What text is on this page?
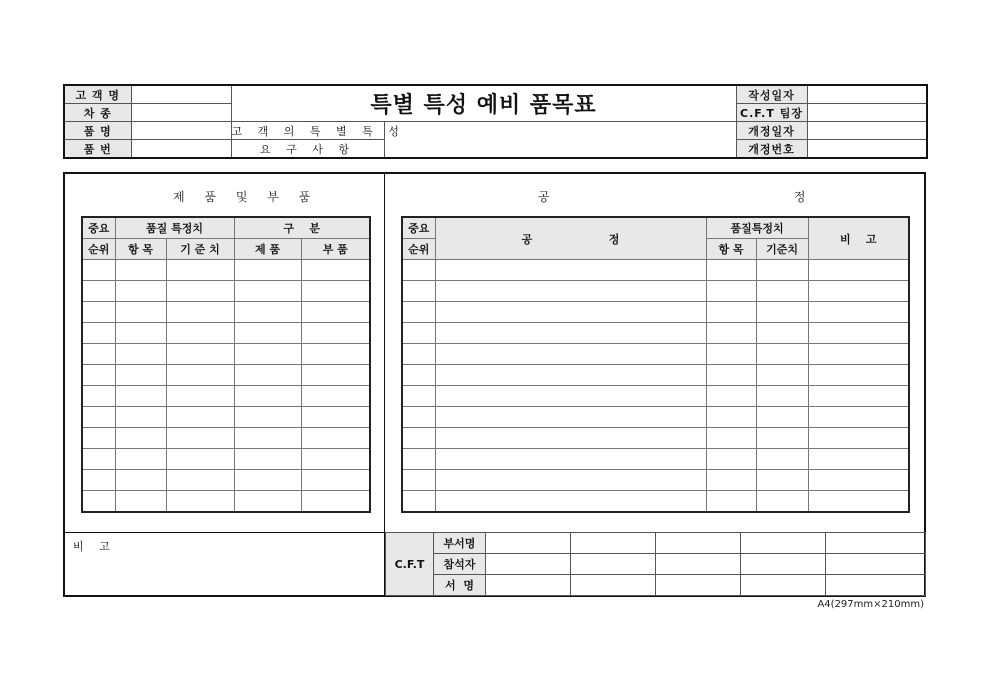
고 객 명		특별 특성 예비 품목표		작성일자	
차 종				C.F.T 팀장	
품 명		고 객 의 특 별 특 성		개정일자	
품 번		요 구 사 항		개정번호	
제 품 및 부 품	공                    정
중요	품질 특정치		구    분	
순위	항 목	기 준 치	제 품	부 품

중요	공                    정	품질특정치		비    고
순위		항 목	기준치	

비 고
C.F.T	부서명					
	참석자					
	서  명					
A4(297mm×210mm)
